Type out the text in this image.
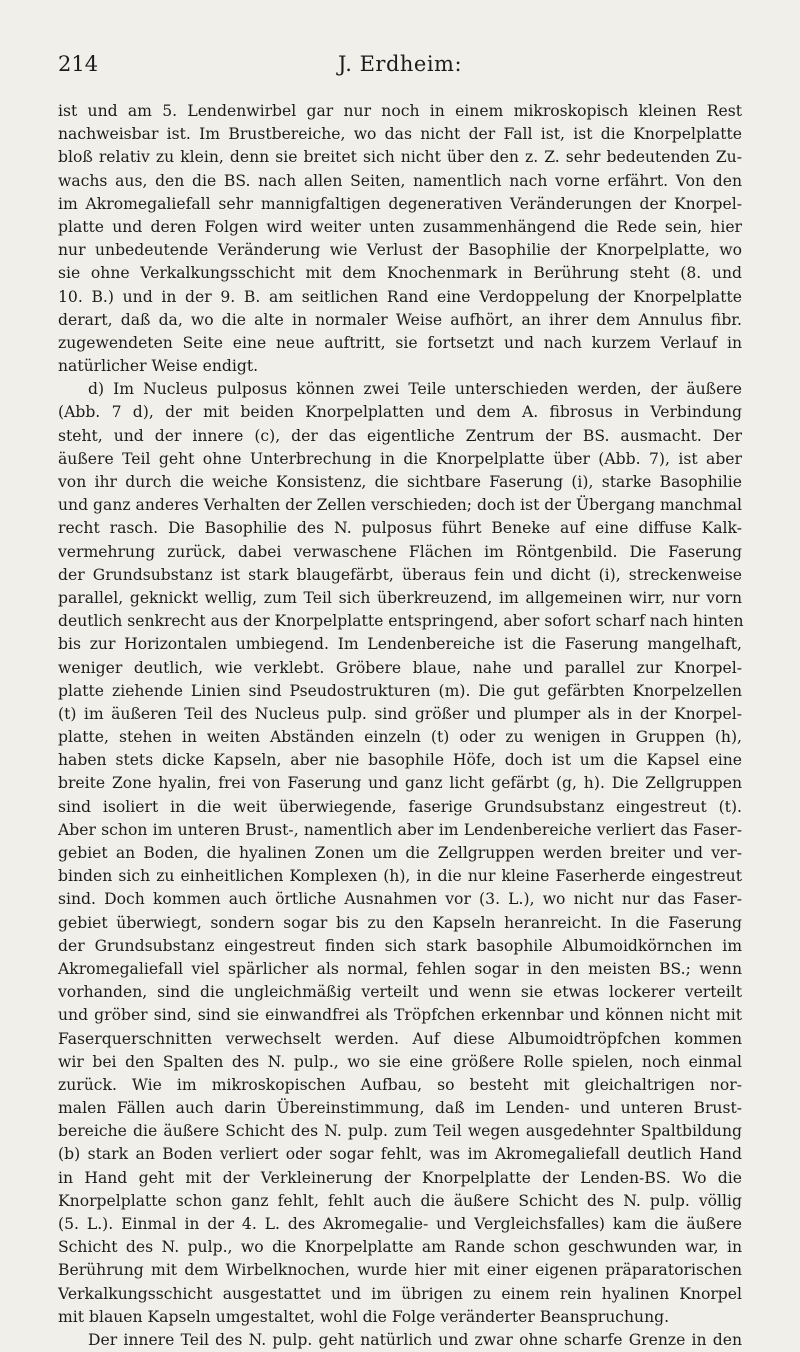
214	J. Erdheim:
ist und am 5. Lendenwirbel gar nur noch in einem mikroskopisch kleinen Rest
nachweisbar ist. Im Brustbereiche, wo das nicht der Fall ist, ist die Knorpelplatte
bloß relativ zu klein, denn sie breitet sich nicht über den z. Z. sehr bedeutenden Zu-
wachs aus, den die BS. nach allen Seiten, namentlich nach vorne erfährt. Von den
im Akromegaliefall sehr mannigfaltigen degenerativen Veränderungen der Knorpel-
platte und deren Folgen wird weiter unten zusammenhängend die Rede sein, hier
nur unbedeutende Veränderung wie Verlust der Basophilie der Knorpelplatte, wo
sie ohne Verkalkungsschicht mit dem Knochenmark in Berührung steht (8. und
10. B.) und in der 9. B. am seitlichen Rand eine Verdoppelung der Knorpelplatte
derart, daß da, wo die alte in normaler Weise aufhört, an ihrer dem Annulus fibr.
zugewendeten Seite eine neue auftritt, sie fortsetzt und nach kurzem Verlauf in
natürlicher Weise endigt.
d) Im Nucleus pulposus können zwei Teile unterschieden werden, der äußere
(Abb. 7 d), der mit beiden Knorpelplatten und dem A. fibrosus in Verbindung
steht, und der innere (c), der das eigentliche Zentrum der BS. ausmacht. Der
äußere Teil geht ohne Unterbrechung in die Knorpelplatte über (Abb. 7), ist aber
von ihr durch die weiche Konsistenz, die sichtbare Faserung (i), starke Basophilie
und ganz anderes Verhalten der Zellen verschieden; doch ist der Übergang manchmal
recht rasch. Die Basophilie des N. pulposus führt Beneke auf eine diffuse Kalk-
vermehrung zurück, dabei verwaschene Flächen im Röntgenbild. Die Faserung
der Grundsubstanz ist stark blaugefärbt, überaus fein und dicht (i), streckenweise
parallel, geknickt wellig, zum Teil sich überkreuzend, im allgemeinen wirr, nur vorn
deutlich senkrecht aus der Knorpelplatte entspringend, aber sofort scharf nach hinten
bis zur Horizontalen umbiegend. Im Lendenbereiche ist die Faserung mangelhaft,
weniger deutlich, wie verklebt. Gröbere blaue, nahe und parallel zur Knorpel-
platte ziehende Linien sind Pseudostrukturen (m). Die gut gefärbten Knorpelzellen
(t) im äußeren Teil des Nucleus pulp. sind größer und plumper als in der Knorpel-
platte, stehen in weiten Abständen einzeln (t) oder zu wenigen in Gruppen (h),
haben stets dicke Kapseln, aber nie basophile Höfe, doch ist um die Kapsel eine
breite Zone hyalin, frei von Faserung und ganz licht gefärbt (g, h). Die Zellgruppen
sind isoliert in die weit überwiegende, faserige Grundsubstanz eingestreut (t).
Aber schon im unteren Brust-, namentlich aber im Lendenbereiche verliert das Faser-
gebiet an Boden, die hyalinen Zonen um die Zellgruppen werden breiter und ver-
binden sich zu einheitlichen Komplexen (h), in die nur kleine Faserherde eingestreut
sind. Doch kommen auch örtliche Ausnahmen vor (3. L.), wo nicht nur das Faser-
gebiet überwiegt, sondern sogar bis zu den Kapseln heranreicht. In die Faserung
der Grundsubstanz eingestreut finden sich stark basophile Albumoidkörnchen im
Akromegaliefall viel spärlicher als normal, fehlen sogar in den meisten BS.; wenn
vorhanden, sind die ungleichmäßig verteilt und wenn sie etwas lockerer verteilt
und gröber sind, sind sie einwandfrei als Tröpfchen erkennbar und können nicht mit
Faserquerschnitten verwechselt werden. Auf diese Albumoidtröpfchen kommen
wir bei den Spalten des N. pulp., wo sie eine größere Rolle spielen, noch einmal
zurück. Wie im mikroskopischen Aufbau, so besteht mit gleichaltrigen nor-
malen Fällen auch darin Übereinstimmung, daß im Lenden- und unteren Brust-
bereiche die äußere Schicht des N. pulp. zum Teil wegen ausgedehnter Spaltbildung
(b) stark an Boden verliert oder sogar fehlt, was im Akromegaliefall deutlich Hand
in Hand geht mit der Verkleinerung der Knorpelplatte der Lenden-BS. Wo die
Knorpelplatte schon ganz fehlt, fehlt auch die äußere Schicht des N. pulp. völlig
(5. L.). Einmal in der 4. L. des Akromegalie- und Vergleichsfalles) kam die äußere
Schicht des N. pulp., wo die Knorpelplatte am Rande schon geschwunden war, in
Berührung mit dem Wirbelknochen, wurde hier mit einer eigenen präparatorischen
Verkalkungsschicht ausgestattet und im übrigen zu einem rein hyalinen Knorpel
mit blauen Kapseln umgestaltet, wohl die Folge veränderter Beanspruchung.
Der innere Teil des N. pulp. geht natürlich und zwar ohne scharfe Grenze in den
